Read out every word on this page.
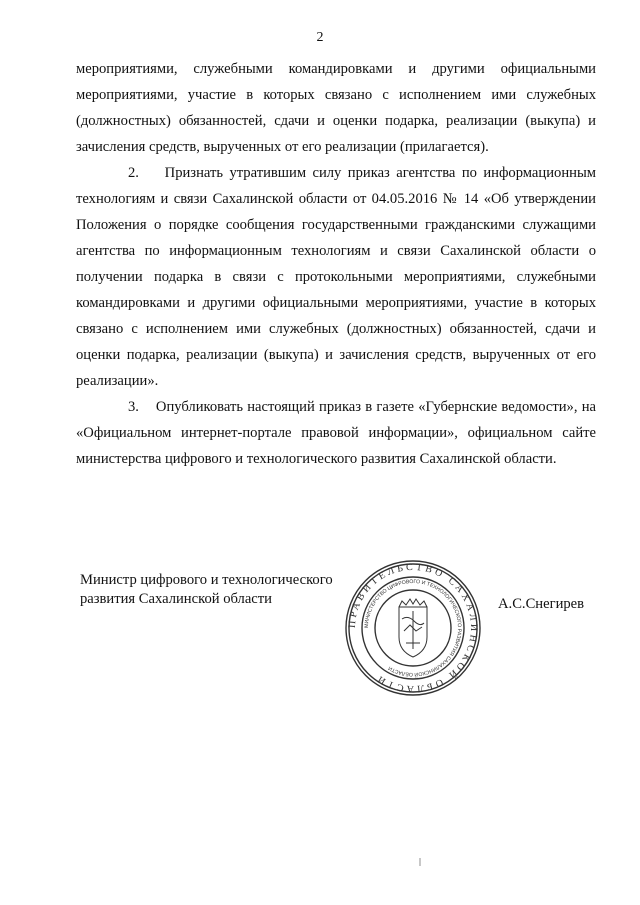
2

мероприятиями, служебными командировками и другими официальными мероприятиями, участие в которых связано с исполнением ими служебных (должностных) обязанностей, сдачи и оценки подарка, реализации (выкупа) и зачисления средств, вырученных от его реализации (прилагается).

2.    Признать утратившим силу приказ агентства по информационным технологиям и связи Сахалинской области от 04.05.2016 № 14 «Об утверждении Положения о порядке сообщения государственными гражданскими служащими агентства по информационным технологиям и связи Сахалинской области о получении подарка в связи с протокольными мероприятиями, служебными командировками и другими официальными мероприятиями, участие в которых связано с исполнением ими служебных (должностных) обязанностей, сдачи и оценки подарка, реализации (выкупа) и зачисления средств, вырученных от его реализации».

3.    Опубликовать настоящий приказ в газете «Губернские ведомости», на «Официальном интернет-портале правовой информации», официальном сайте министерства цифрового и технологического развития Сахалинской области.

Министр цифрового и технологического
развития Сахалинской области
ПРАВИТЕЛЬСТВО САХАЛИНСКОЙ ОБЛАСТИ
МИНИСТЕРСТВО ЦИФРОВОГО И ТЕХНОЛОГИЧЕСКОГО РАЗВИТИЯ САХАЛИНСКОЙ ОБЛАСТИ
А.С.Снегирев
